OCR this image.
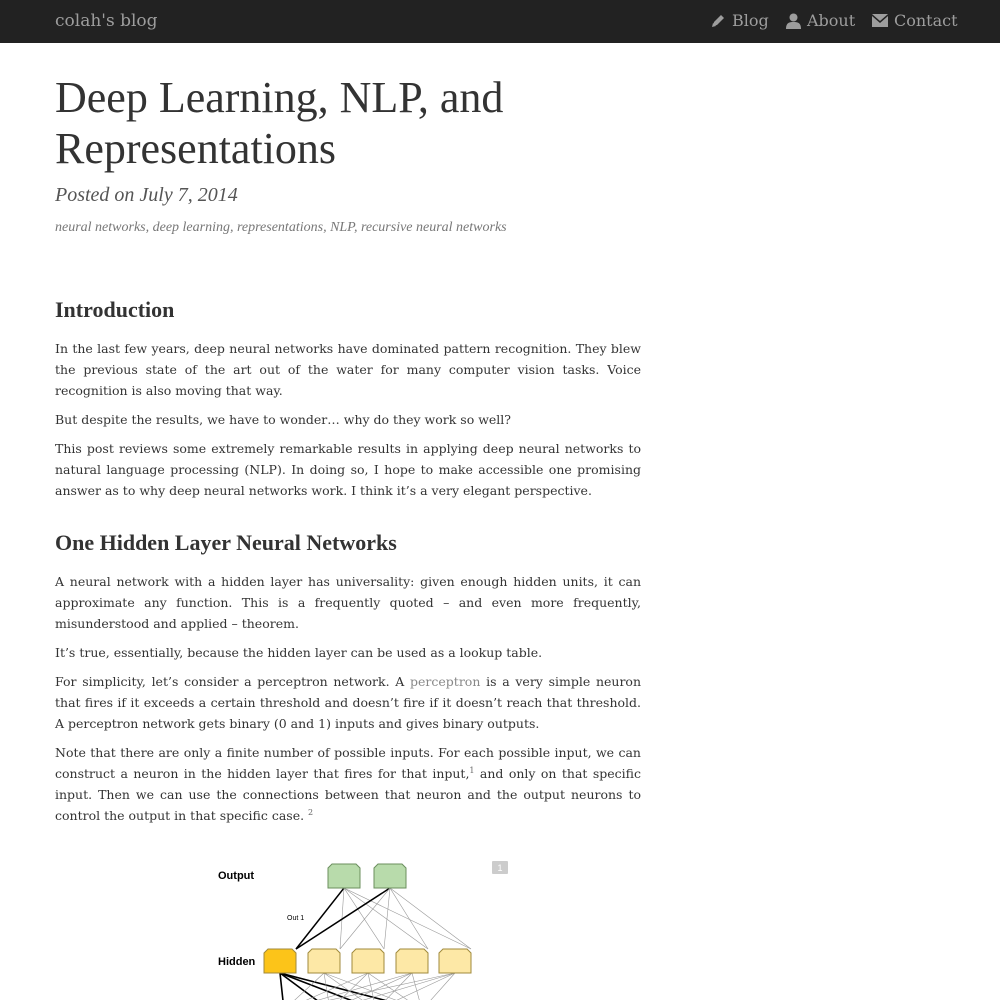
colah's blog	Blog About Contact
Deep Learning, NLP, and Representations
Posted on July 7, 2014
neural networks, deep learning, representations, NLP, recursive neural networks
Introduction

In the last few years, deep neural networks have dominated pattern recognition. They blew the previous state of the art out of the water for many computer vision tasks. Voice recognition is also moving that way.

But despite the results, we have to wonder… why do they work so well?

This post reviews some extremely remarkable results in applying deep neural networks to natural language processing (NLP). In doing so, I hope to make accessible one promising answer as to why deep neural networks work. I think it’s a very elegant perspective.

One Hidden Layer Neural Networks

A neural network with a hidden layer has universality: given enough hidden units, it can approximate any function. This is a frequently quoted – and even more frequently, misunderstood and applied – theorem.

It’s true, essentially, because the hidden layer can be used as a lookup table.

For simplicity, let’s consider a perceptron network. A perceptron is a very simple neuron that fires if it exceeds a certain threshold and doesn’t fire if it doesn’t reach that threshold. A perceptron network gets binary (0 and 1) inputs and gives binary outputs.

Note that there are only a finite number of possible inputs. For each possible input, we can construct a neuron in the hidden layer that fires for that input,$^1$ and only on that specific input. Then we can use the connections between that neuron and the output neurons to control the output in that specific case. $^2$

Output
Hidden
Out 1
1
